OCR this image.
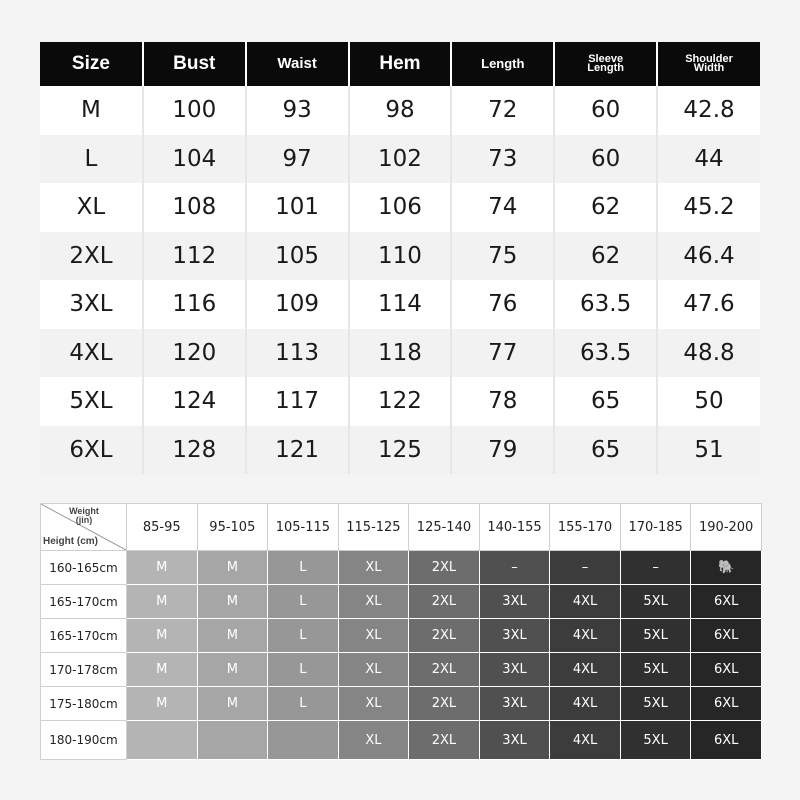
Size	Bust	Waist	Hem	Length	Sleeve Length	Shoulder Width

M	100	93	98	72	60	42.8
L	104	97	102	73	60	44
XL	108	101	106	74	62	45.2
2XL	112	105	110	75	62	46.4
3XL	116	109	114	76	63.5	47.6
4XL	120	113	118	77	63.5	48.8
5XL	124	117	122	78	65	50
6XL	128	121	125	79	65	51
Weight (jin)
Height (cm)	85-95	95-105	105-115	115-125	125-140	140-155	155-170	170-185	190-200
160-165cm	M	M	L	XL	2XL	–	–	–	🐘
165-170cm	M	M	L	XL	2XL	3XL	4XL	5XL	6XL
165-170cm	M	M	L	XL	2XL	3XL	4XL	5XL	6XL
170-178cm	M	M	L	XL	2XL	3XL	4XL	5XL	6XL
175-180cm	M	M	L	XL	2XL	3XL	4XL	5XL	6XL
180-190cm				XL	2XL	3XL	4XL	5XL	6XL
